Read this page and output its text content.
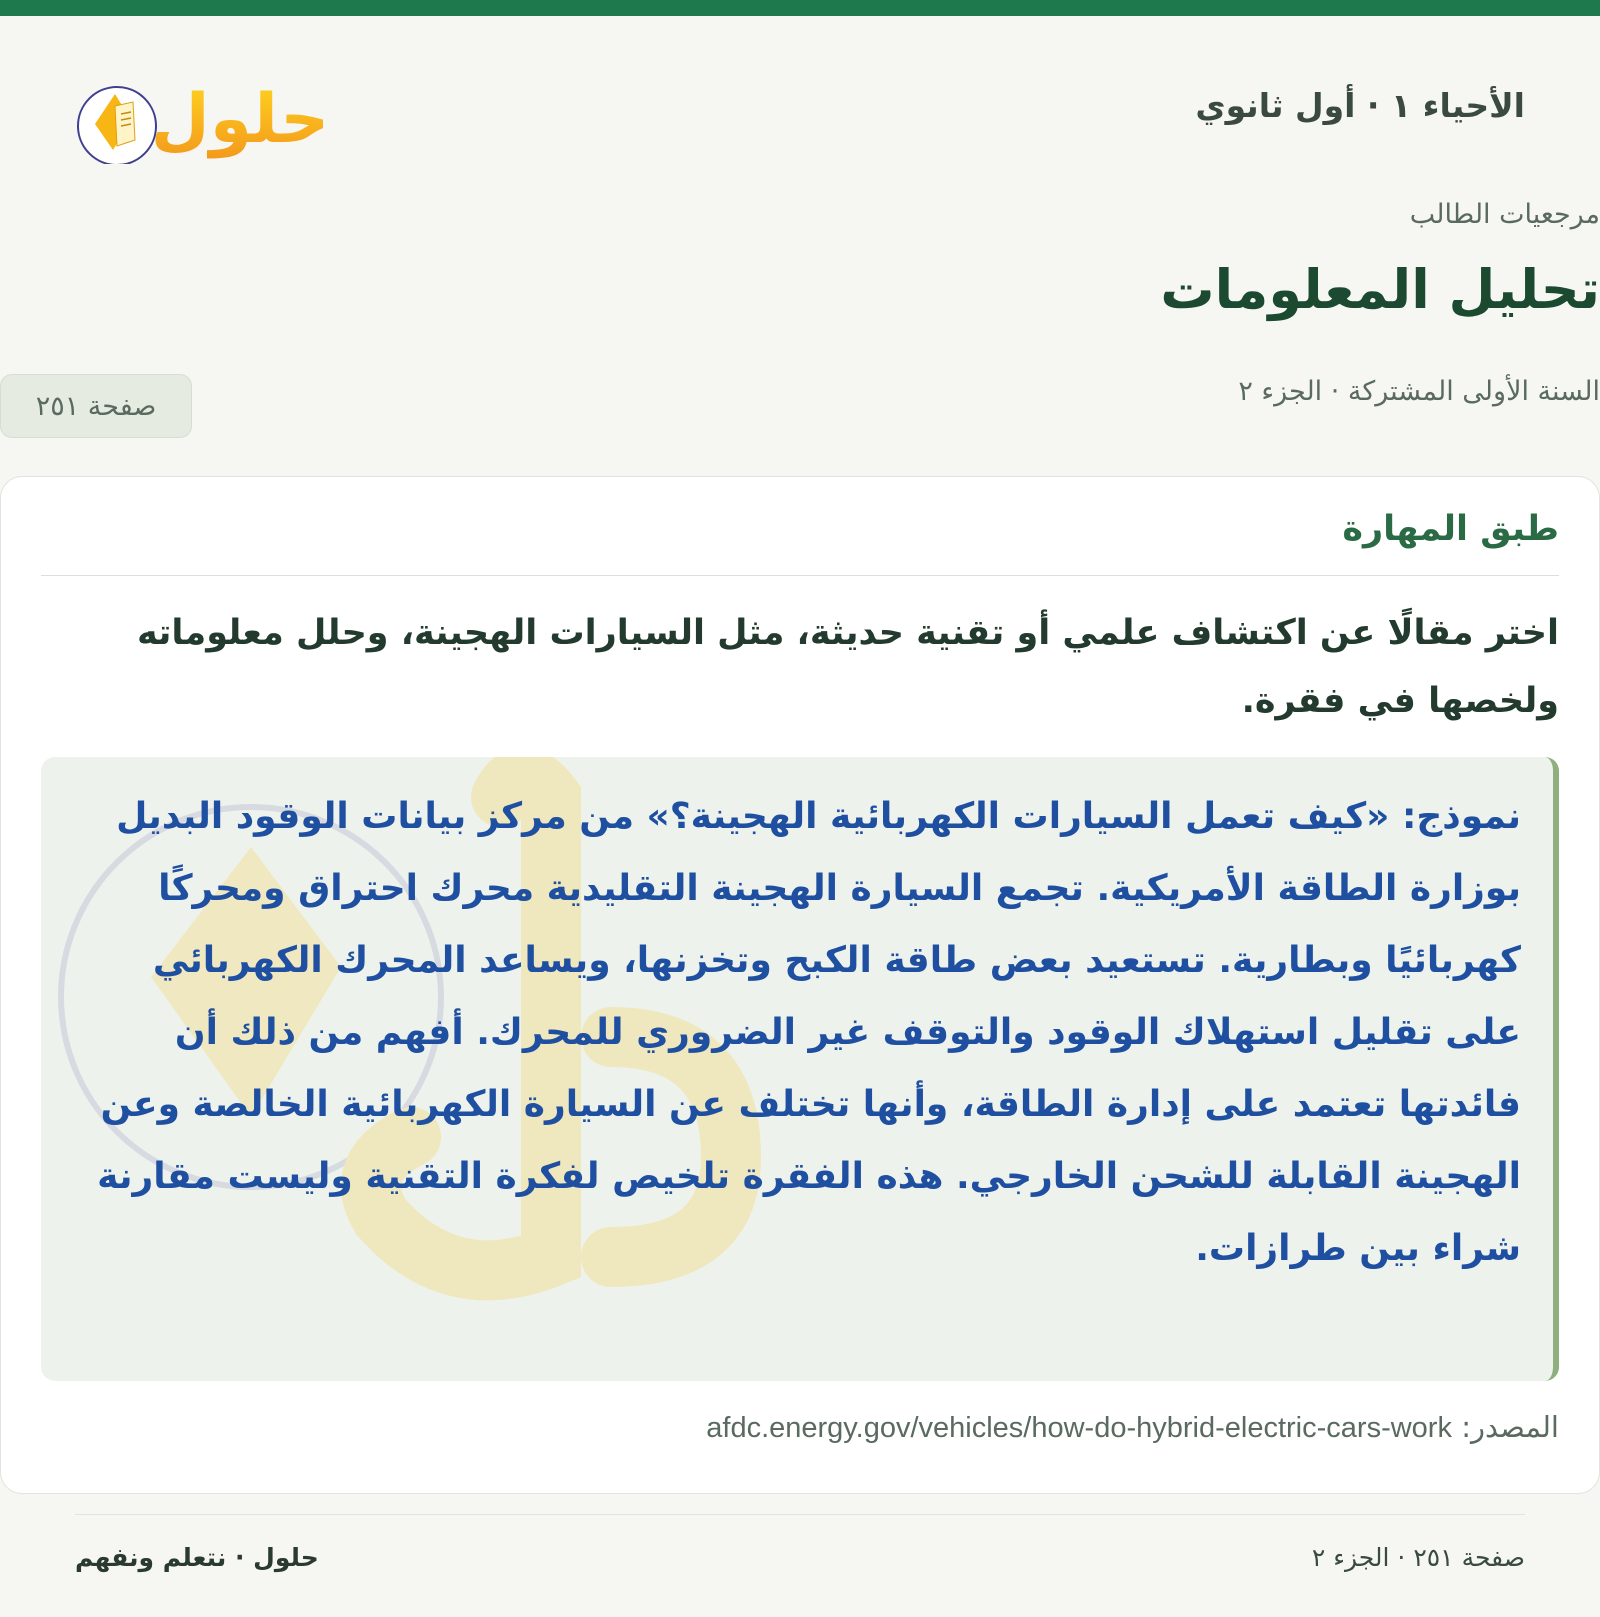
الأحياء ١ · أول ثانوي
حلول
مرجعيات الطالب
تحليل المعلومات
السنة الأولى المشتركة · الجزء ٢
صفحة ٢٥١
طبق المهارة

اختر مقالًا عن اكتشاف علمي أو تقنية حديثة، مثل السيارات الهجينة، وحلل معلوماته ولخصها في فقرة.

نموذج: «كيف تعمل السيارات الكهربائية الهجينة؟» من مركز بيانات الوقود البديل بوزارة الطاقة الأمريكية. تجمع السيارة الهجينة التقليدية محرك احتراق ومحركًا كهربائيًا وبطارية. تستعيد بعض طاقة الكبح وتخزنها، ويساعد المحرك الكهربائي على تقليل استهلاك الوقود والتوقف غير الضروري للمحرك. أفهم من ذلك أن فائدتها تعتمد على إدارة الطاقة، وأنها تختلف عن السيارة الكهربائية الخالصة وعن الهجينة القابلة للشحن الخارجي. هذه الفقرة تلخيص لفكرة التقنية وليست مقارنة شراء بين طرازات.

المصدر: afdc.energy.gov/vehicles/how-do-hybrid-electric-cars-work

صفحة ٢٥١ · الجزء ٢
حلول · نتعلم ونفهم
